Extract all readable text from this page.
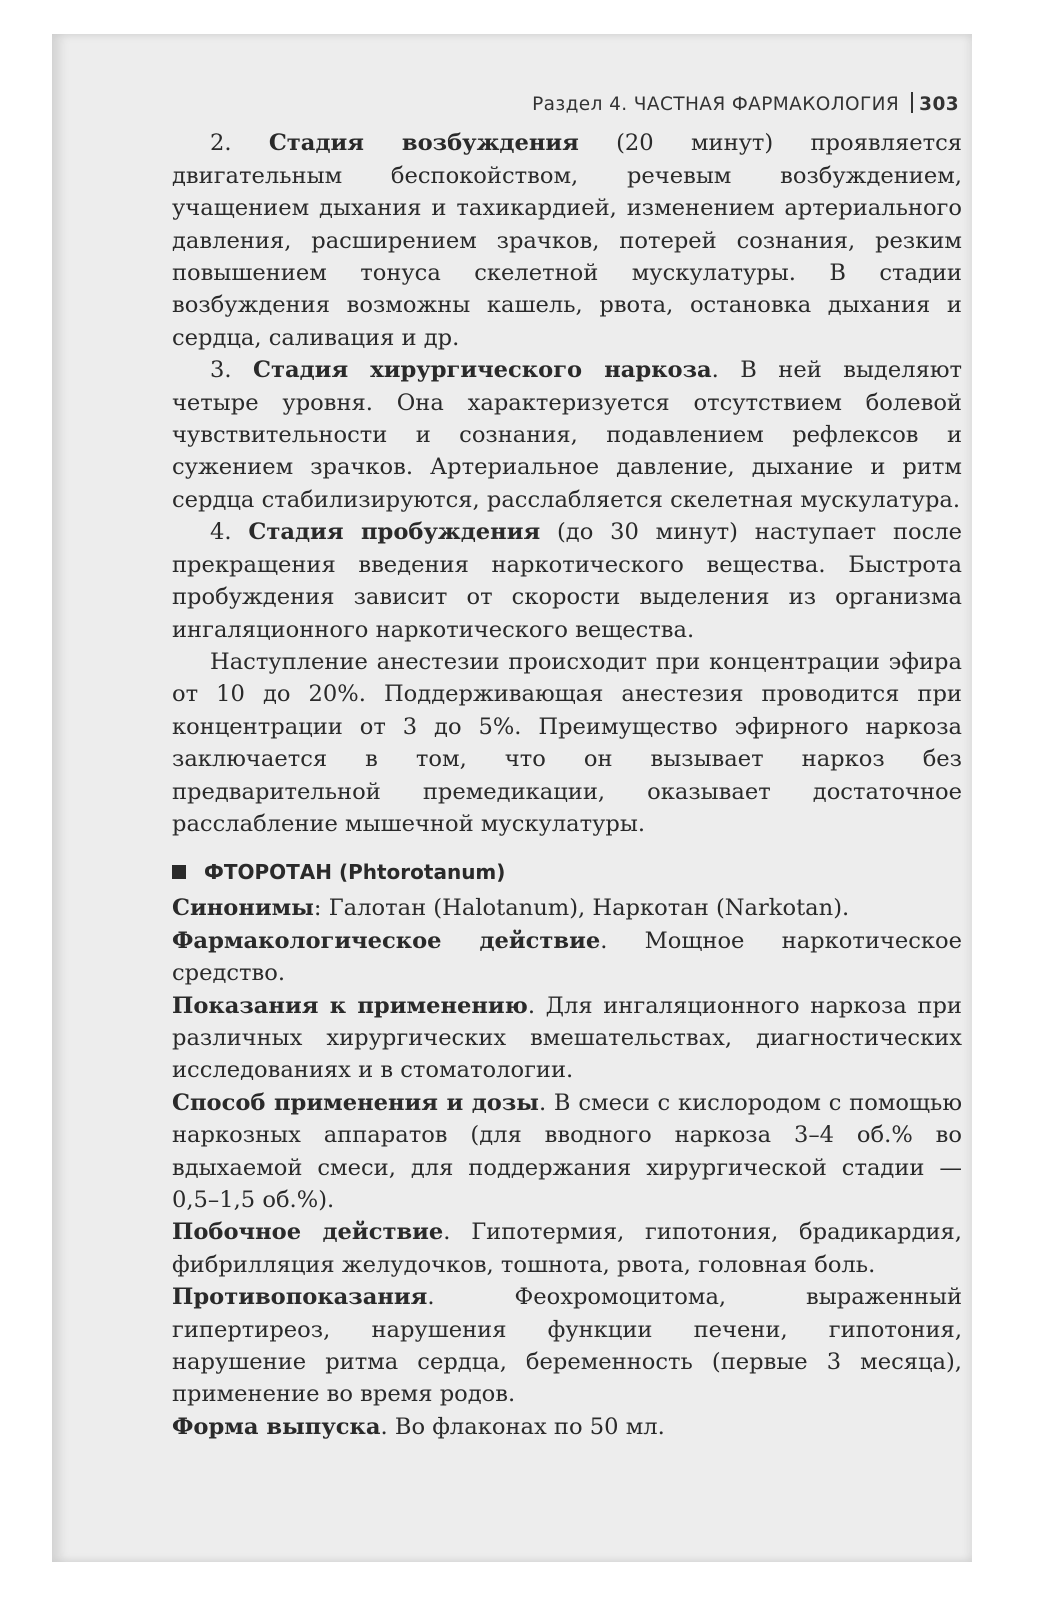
Раздел 4. ЧАСТНАЯ ФАРМАКОЛОГИЯ 303

2. Стадия возбуждения (20 минут) проявляется двигательным беспокойством, речевым возбуждением, учащением дыхания и тахикардией, изменением артериального давления, расширением зрачков, потерей сознания, резким повышением тонуса скелетной мускулатуры. В стадии возбуждения возможны кашель, рвота, остановка дыхания и сердца, саливация и др.

3. Стадия хирургического наркоза. В ней выделяют четыре уровня. Она характеризуется отсутствием болевой чувствительности и сознания, подавлением рефлексов и сужением зрачков. Артериальное давление, дыхание и ритм сердца стабилизируются, расслабляется скелетная мускулатура.

4. Стадия пробуждения (до 30 минут) наступает после прекращения введения наркотического вещества. Быстрота пробуждения зависит от скорости выделения из организма ингаляционного наркотического вещества.

Наступление анестезии происходит при концентрации эфира от 10 до 20%. Поддерживающая анестезия проводится при концентрации от 3 до 5%. Преимущество эфирного наркоза заключается в том, что он вызывает наркоз без предварительной премедикации, оказывает достаточное расслабление мышечной мускулатуры.

ФТОРОТАН (Phtorotanum)

Синонимы: Галотан (Halotanum), Наркотан (Narkotan).

Фармакологическое действие. Мощное наркотическое средство.

Показания к применению. Для ингаляционного наркоза при различных хирургических вмешательствах, диагностических исследованиях и в стоматологии.

Способ применения и дозы. В смеси с кислородом с помощью наркозных аппаратов (для вводного наркоза 3–4 об.% во вдыхаемой смеси, для поддержания хирургической стадии — 0,5–1,5 об.%).

Побочное действие. Гипотермия, гипотония, брадикардия, фибрилляция желудочков, тошнота, рвота, головная боль.

Противопоказания. Феохромоцитома, выраженный гипертиреоз, нарушения функции печени, гипотония, нарушение ритма сердца, беременность (первые 3 месяца), применение во время родов.

Форма выпуска. Во флаконах по 50 мл.
